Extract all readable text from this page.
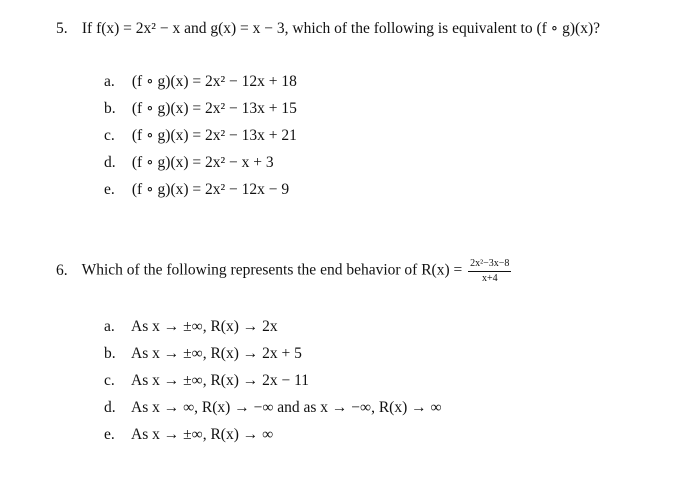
5. If f(x) = 2x² − x and g(x) = x − 3, which of the following is equivalent to (f ∘ g)(x)?
a. (f ∘ g)(x) = 2x² − 12x + 18
b. (f ∘ g)(x) = 2x² − 13x + 15
c. (f ∘ g)(x) = 2x² − 13x + 21
d. (f ∘ g)(x) = 2x² − x + 3
e. (f ∘ g)(x) = 2x² − 12x − 9
6. Which of the following represents the end behavior of $R(x) = \frac{\text{2x²−3x−8}}{x+4}$
a. As x → ±∞, R(x) → 2x
b. As x → ±∞, R(x) → 2x + 5
c. As x → ±∞, R(x) → 2x − 11
d. As x → ∞, R(x) → −∞ and as x → −∞, R(x) → ∞
e. As x → ±∞, R(x) → ∞
